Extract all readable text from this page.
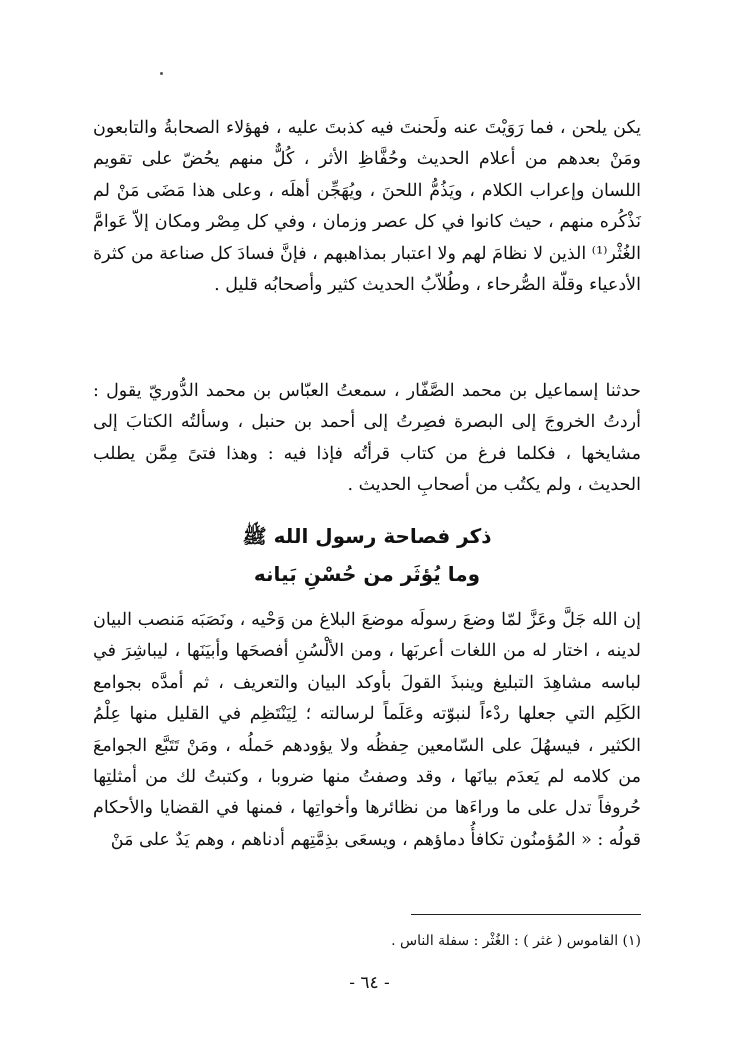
يكن يلحن ، فما رَوَيْتَ عنه ولَحنتَ فيه كذبتَ عليه ، فهؤلاء الصحابةُ والتابعون ومَنْ بعدهم من أعلام الحديث وحُفَّاظِ الأثر ، كُلٌّ منهم يحُضّ على تقويم اللسان وإعراب الكلام ، ويَذُمُّ اللحنَ ، ويُهَجِّن أهلَه ، وعلى هذا مَضَى مَنْ لم نَذْكُره منهم ، حيث كانوا في كل عصر وزمان ، وفي كل مِصْر ومكان إلاّ عَوامَّ الغُثْر⁽¹⁾ الذين لا نظامَ لهم ولا اعتبار بمذاهبهم ، فإنَّ فسادَ كل صناعة من كثرة الأدعياء وقلّة الصُّرحاء ، وطُلاّبُ الحديث كثير وأصحابُه قليل .

حدثنا إسماعيل بن محمد الصَّفّار ، سمعتُ العبّاس بن محمد الدُّوريّ يقول : أردتُ الخروجَ إلى البصرة فصِرتُ إلى أحمد بن حنبل ، وسألتُه الكتابَ إلى مشايخها ، فكلما فرغ من كتاب قرأتُه فإذا فيه : وهذا فتىً مِمَّن يطلب الحديث ، ولم يكتُب من أصحابِ الحديث .

ذكر فصاحة رسول الله ﷺ
وما يُؤثَر من حُسْنِ بَيانه

إن الله جَلَّ وعَزَّ لمّا وضعَ رسولَه موضعَ البلاغ من وَحْيه ، ونَصَبَه مَنصب البيان لدينه ، اختار له من اللغات أعربَها ، ومن الألْسُنِ أفصحَها وأبيَنَها ، ليباشِرَ في لباسه مشاهِدَ التبليغ وينبذَ القولَ بأوكد البيان والتعريف ، ثم أمدَّه بجوامع الكَلِم التي جعلها ردْءاً لنبوّته وعَلَماً لرسالته ؛ لِيَنْتَظِم في القليل منها عِلْمُ الكثير ، فيسهُلَ على السّامعين حِفظُه ولا يؤودهم حَملُه ، ومَنْ تَتَبَّع الجوامعَ من كلامه لم يَعدَم بيانَها ، وقد وصفتُ منها ضروبا ، وكتبتُ لك من أمثلتِها حُروفاً تدل على ما وراءَها من نظائرها وأخواتِها ، فمنها في القضايا والأحكام قولُه : « المُؤمنُون تكافأُ دماؤهم ، ويسعَى بذِمَّتِهم أدناهم ، وهم يَدٌ على مَنْ

(١) القاموس ( غثر ) : الغُثْر : سفلة الناس .
- ٦٤ -
